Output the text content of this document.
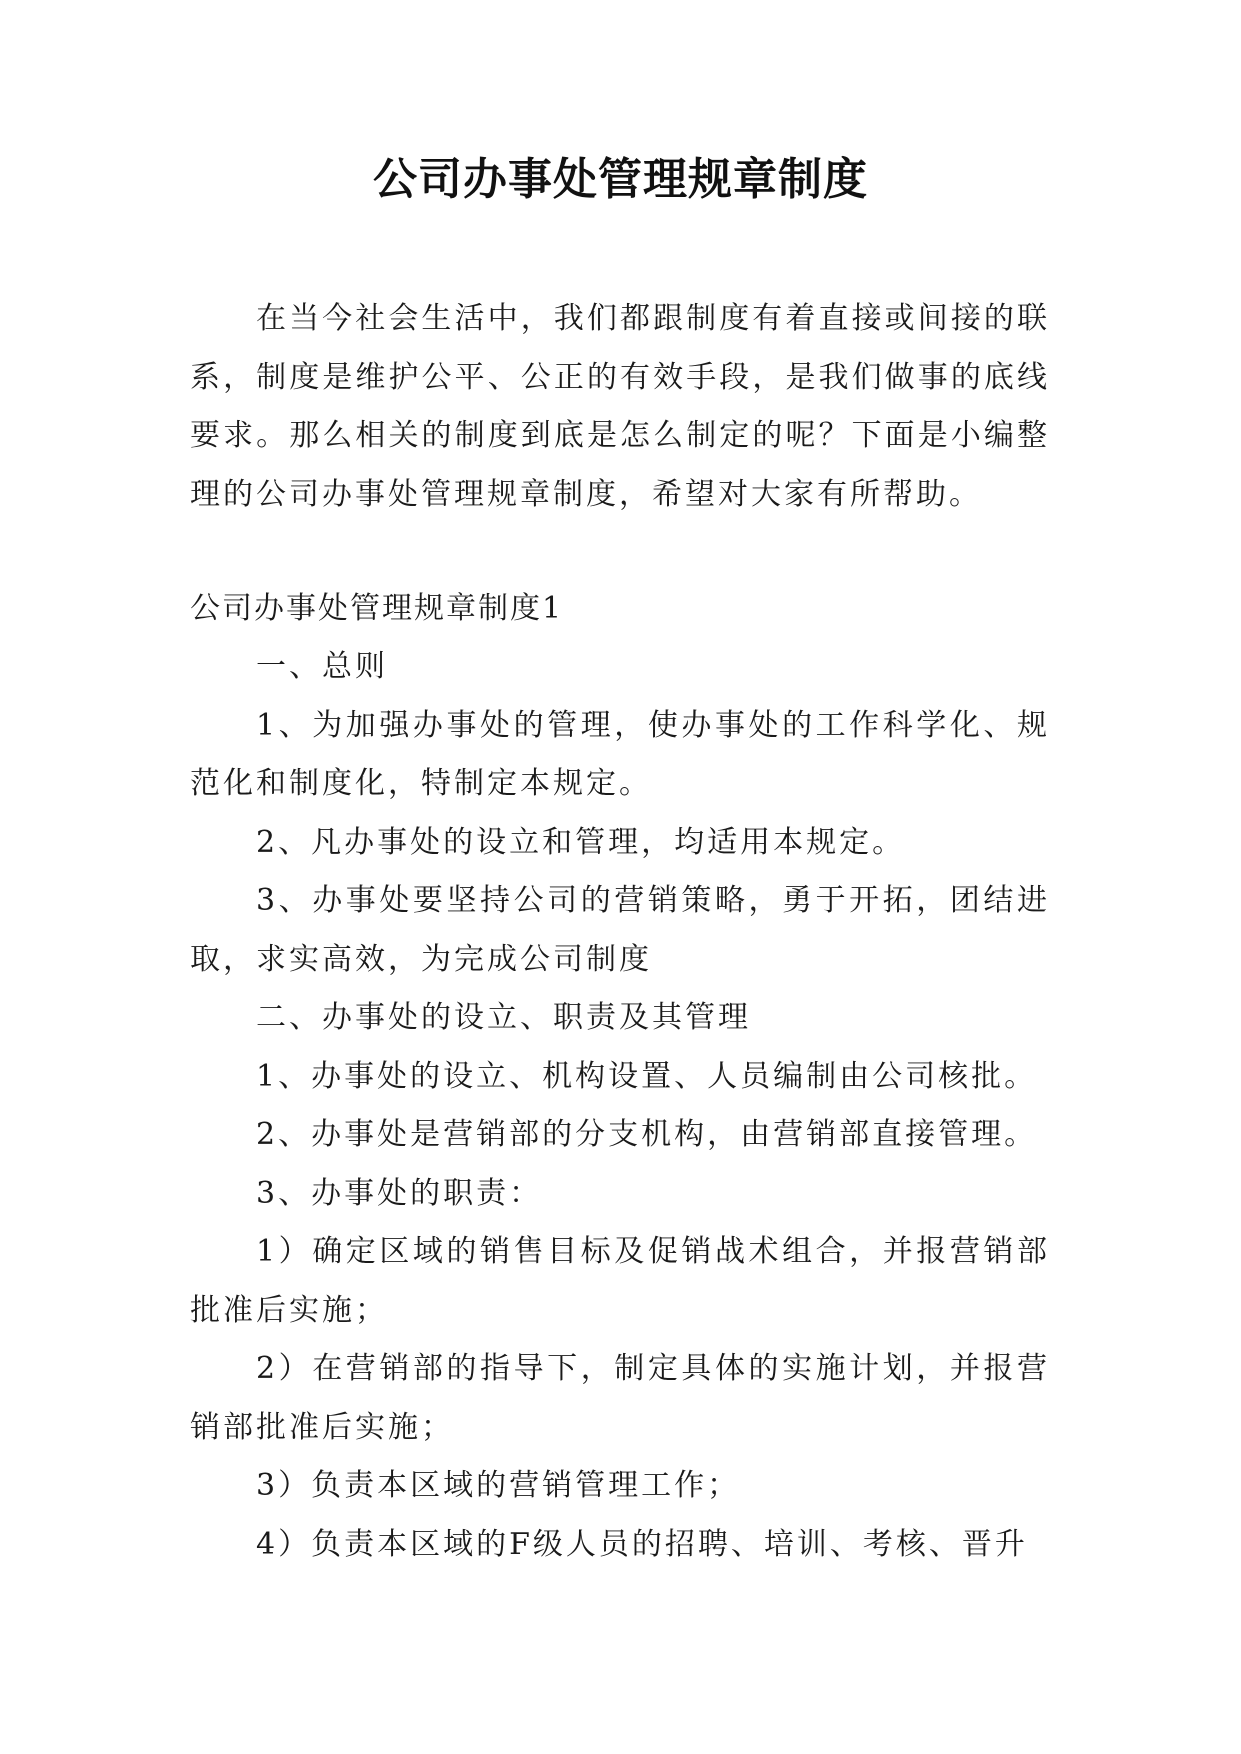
公司办事处管理规章制度
在当今社会生活中，我们都跟制度有着直接或间接的联系，制度是维护公平、公正的有效手段，是我们做事的底线要求。那么相关的制度到底是怎么制定的呢？下面是小编整理的公司办事处管理规章制度，希望对大家有所帮助。
公司办事处管理规章制度1

一、总则

1、为加强办事处的管理，使办事处的工作科学化、规范化和制度化，特制定本规定。

2、凡办事处的设立和管理，均适用本规定。

3、办事处要坚持公司的营销策略，勇于开拓，团结进取，求实高效，为完成公司制度

二、办事处的设立、职责及其管理

1、办事处的设立、机构设置、人员编制由公司核批。

2、办事处是营销部的分支机构，由营销部直接管理。

3、办事处的职责：

1）确定区域的销售目标及促销战术组合，并报营销部批准后实施；

2）在营销部的指导下，制定具体的实施计划，并报营销部批准后实施；

3）负责本区域的营销管理工作；

4）负责本区域的F级人员的招聘、培训、考核、晋升
